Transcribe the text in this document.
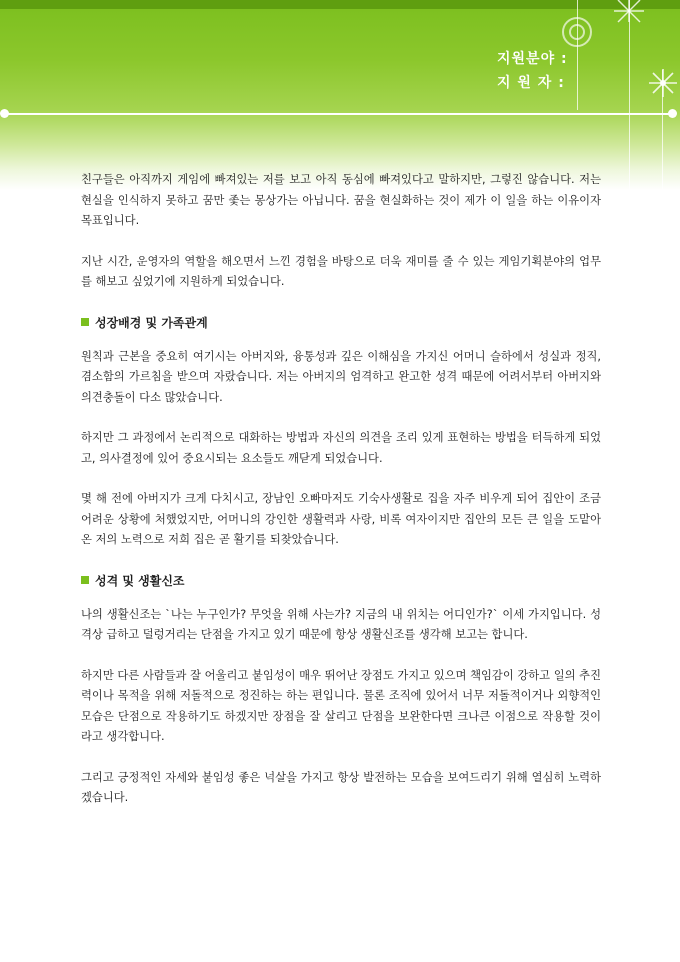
지원분야 :
지 원 자 :

친구들은 아직까지 게임에 빠져있는 저를 보고 아직 동심에 빠져있다고 말하지만, 그렇진 않습니다. 저는 현실을 인식하지 못하고 꿈만 좇는 몽상가는 아닙니다. 꿈을 현실화하는 것이 제가 이 일을 하는 이유이자 목표입니다.

지난 시간, 운영자의 역할을 해오면서 느낀 경험을 바탕으로 더욱 재미를 줄 수 있는 게임기획분야의 업무를 해보고 싶었기에 지원하게 되었습니다.

성장배경 및 가족관계

원칙과 근본을 중요히 여기시는 아버지와, 융통성과 깊은 이해심을 가지신 어머니 슬하에서 성실과 정직, 겸소함의 가르침을 받으며 자랐습니다. 저는 아버지의 엄격하고 완고한 성격 때문에 어려서부터 아버지와 의견충돌이 다소 많았습니다.

하지만 그 과정에서 논리적으로 대화하는 방법과 자신의 의견을 조리 있게 표현하는 방법을 터득하게 되었고, 의사결정에 있어 중요시되는 요소들도 깨닫게 되었습니다.

몇 해 전에 아버지가 크게 다치시고, 장남인 오빠마저도 기숙사생활로 집을 자주 비우게 되어 집안이 조금 어려운 상황에 처했었지만, 어머니의 강인한 생활력과 사랑, 비록 여자이지만 집안의 모든 큰 일을 도맡아온 저의 노력으로 저희 집은 곧 활기를 되찾았습니다.

성격 및 생활신조

나의 생활신조는 `나는 누구인가? 무엇을 위해 사는가? 지금의 내 위치는 어디인가?` 이세 가지입니다. 성격상 급하고 덜렁거리는 단점을 가지고 있기 때문에 항상 생활신조를 생각해 보고는 합니다.

하지만 다른 사람들과 잘 어울리고 붙임성이 매우 뛰어난 장점도 가지고 있으며 책임감이 강하고 일의 추진력이나 목적을 위해 저돌적으로 정진하는 하는 편입니다. 물론 조직에 있어서 너무 저돌적이거나 외향적인 모습은 단점으로 작용하기도 하겠지만 장점을 잘 살리고 단점을 보완한다면 크나큰 이점으로 작용할 것이라고 생각합니다.

그리고 긍정적인 자세와 붙임성 좋은 넉살을 가지고 항상 발전하는 모습을 보여드리기 위해 열심히 노력하겠습니다.
